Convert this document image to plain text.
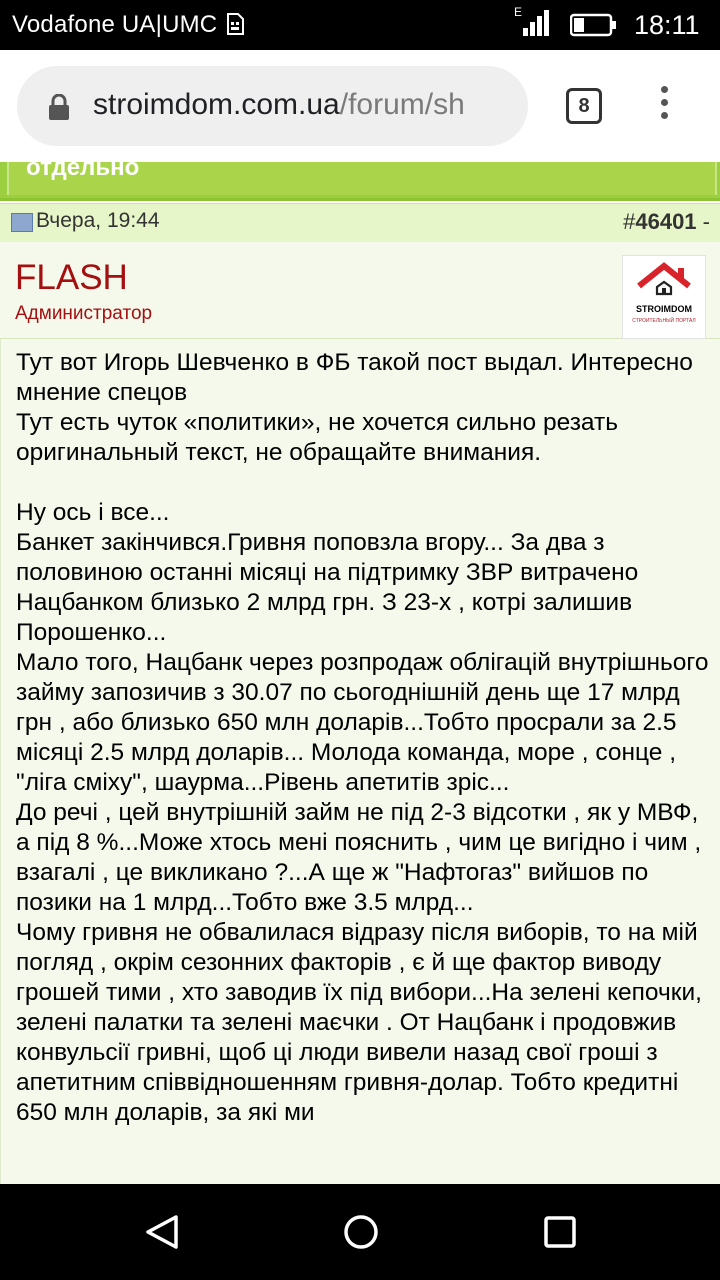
Vodafone UA|UMC	E	18:11
stroimdom.com.ua/forum/sh	8
отдельно
Вчера, 19:44	#46401 -
FLASH
Администратор	STROIMDOM
СТРОИТЕЛЬНЫЙ ПОРТАЛ

Тут вот Игорь Шевченко в ФБ такой пост выдал. Интересно мнение спецов
Тут есть чуток «политики», не хочется сильно резать оригинальный текст, не обращайте внимания.

Ну ось і все...
Банкет закінчився.Гривня поповзла вгору... За два з половиною останні місяці на підтримку ЗВР витрачено Нацбанком близько 2 млрд грн. З 23-х , котрі залишив Порошенко...
Мало того, Нацбанк через розпродаж облігацій внутрішнього займу запозичив з 30.07 по сьогоднішній день ще 17 млрд грн , або близько 650 млн доларів...Тобто просрали за 2.5 місяці 2.5 млрд доларів... Молода команда, море , сонце , "ліга сміху", шаурма...Рівень апетитів зріс...
До речі , цей внутрішній займ не під 2-3 відсотки , як у МВФ, а під 8 %...Може хтось мені пояснить , чим це вигідно і чим , взагалі , це викликано ?...А ще ж "Нафтогаз" вийшов по позики на 1 млрд...Тобто вже 3.5 млрд...
Чому гривня не обвалилася відразу після виборів, то на мій погляд , окрім сезонних факторів , є й ще фактор виводу грошей тими , хто заводив їх під вибори...На зелені кепочки, зелені палатки та зелені маєчки . От Нацбанк і продовжив конвульсії гривні, щоб ці люди вивели назад свої гроші з апетитним співвідношенням гривня-долар. Тобто кредитні 650 млн доларів, за які ми
